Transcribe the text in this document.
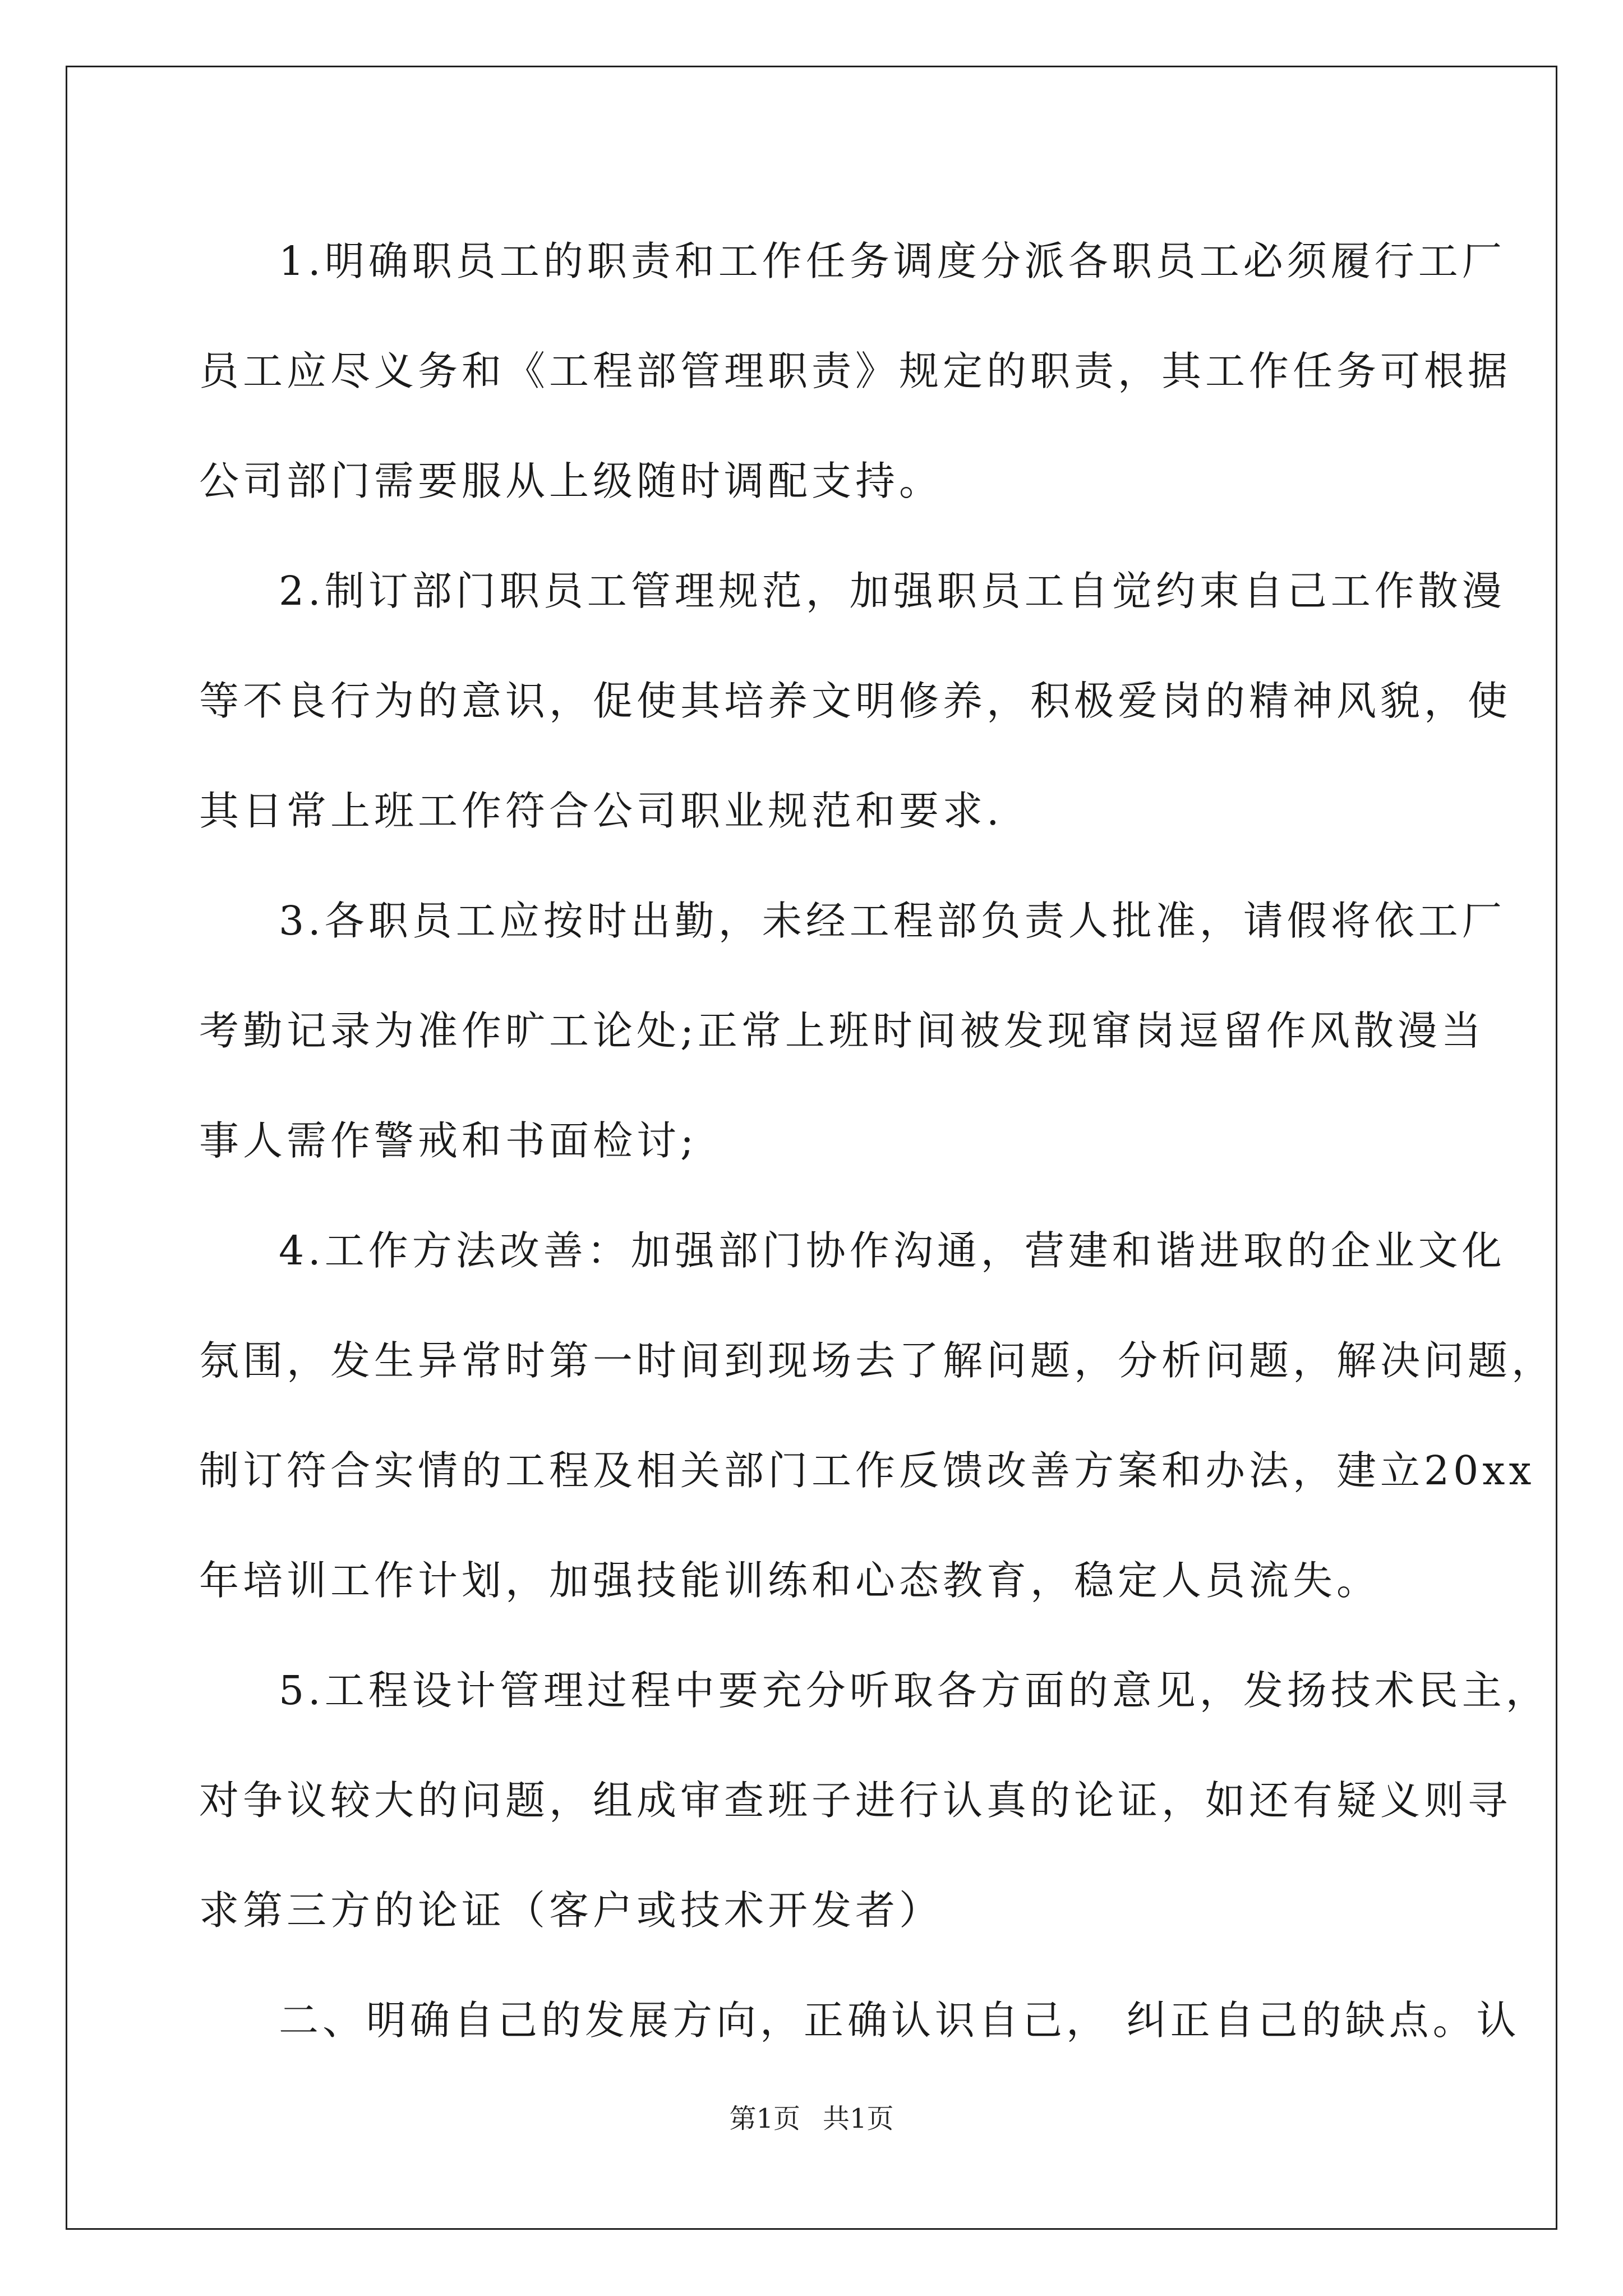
1.明确职员工的职责和工作任务调度分派各职员工必须履行工厂
员工应尽义务和《工程部管理职责》规定的职责，其工作任务可根据
公司部门需要服从上级随时调配支持。

2.制订部门职员工管理规范，加强职员工自觉约束自己工作散漫
等不良行为的意识，促使其培养文明修养，积极爱岗的精神风貌，使
其日常上班工作符合公司职业规范和要求.

3.各职员工应按时出勤，未经工程部负责人批准，请假将依工厂
考勤记录为准作旷工论处;正常上班时间被发现窜岗逗留作风散漫当
事人需作警戒和书面检讨;

4.工作方法改善：加强部门协作沟通，营建和谐进取的企业文化
氛围，发生异常时第一时间到现场去了解问题，分析问题，解决问题，
制订符合实情的工程及相关部门工作反馈改善方案和办法，建立20xx
年培训工作计划，加强技能训练和心态教育，稳定人员流失。

5.工程设计管理过程中要充分听取各方面的意见，发扬技术民主，
对争议较大的问题，组成审查班子进行认真的论证，如还有疑义则寻
求第三方的论证（客户或技术开发者）

二、明确自己的发展方向，正确认识自己， 纠正自己的缺点。认

第1页 共1页
